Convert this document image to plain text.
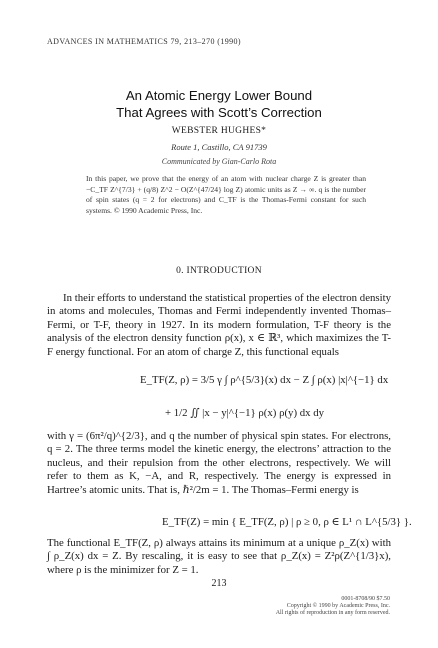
ADVANCES IN MATHEMATICS 79, 213–270 (1990)
An Atomic Energy Lower Bound
That Agrees with Scott’s Correction
WEBSTER HUGHES*
Route 1, Castillo, CA 91739
Communicated by Gian-Carlo Rota
In this paper, we prove that the energy of an atom with nuclear charge Z is greater than −C_TF Z^{7/3} + (q/8) Z^2 − O(Z^{47/24} log Z) atomic units as Z → ∞. q is the number of spin states (q = 2 for electrons) and C_TF is the Thomas-Fermi constant for such systems. © 1990 Academic Press, Inc.
0. INTRODUCTION
In their efforts to understand the statistical properties of the electron density in atoms and molecules, Thomas and Fermi independently invented Thomas–Fermi, or T-F, theory in 1927. In its modern formulation, T-F theory is the analysis of the electron density function ρ(x), x ∈ ℝ³, which maximizes the T-F energy functional. For an atom of charge Z, this functional equals
E_TF(Z, ρ) = 3/5 γ ∫ ρ^{5/3}(x) dx − Z ∫ ρ(x) |x|^{−1} dx
+ 1/2 ∬ |x − y|^{−1} ρ(x) ρ(y) dx dy
with γ = (6π²/q)^{2/3}, and q the number of physical spin states. For electrons, q = 2. The three terms model the kinetic energy, the electrons’ attraction to the nucleus, and their repulsion from the other electrons, respectively. We will refer to them as K, −A, and R, respectively. The energy is expressed in Hartree’s atomic units. That is, ℏ²/2m = 1. The Thomas–Fermi energy is
E_TF(Z) = min { E_TF(Z, ρ) | ρ ≥ 0, ρ ∈ L¹ ∩ L^{5/3} }.
The functional E_TF(Z, ρ) always attains its minimum at a unique ρ_Z(x) with ∫ ρ_Z(x) dx = Z. By rescaling, it is easy to see that ρ_Z(x) = Z²ρ(Z^{1/3}x), where ρ is the minimizer for Z = 1.
213
0001-8708/90 $7.50
Copyright © 1990 by Academic Press, Inc.
All rights of reproduction in any form reserved.
